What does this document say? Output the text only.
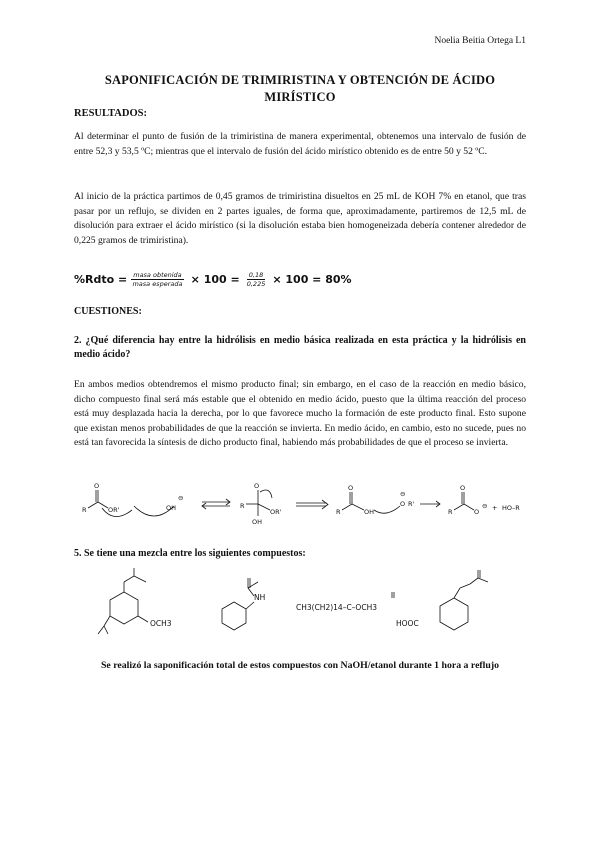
Noelia Beitia Ortega L1
SAPONIFICACIÓN DE TRIMIRISTINA Y OBTENCIÓN DE ÁCIDO MIRÍSTICO
RESULTADOS:
Al determinar el punto de fusión de la trimiristina de manera experimental, obtenemos una intervalo de fusión de entre 52,3 y 53,5 ºC; mientras que el intervalo de fusión del ácido mirístico obtenido es de entre 50 y 52 ºC.
Al inicio de la práctica partimos de 0,45 gramos de trimiristina disueltos en 25 mL de KOH 7% en etanol, que tras pasar por un reflujo, se dividen en 2 partes iguales, de forma que, aproximadamente, partiremos de 12,5 mL de disolución para extraer el ácido mirístico (si la disolución estaba bien homogeneizada debería contener alrededor de 0,225 gramos de trimiristina).
%Rdto = $\frac{\text{masa obtenida}}{\text{masa esperada}} \times 100 = \frac{0,18}{0,225} \times 100 = 80\%$
CUESTIONES:
2. ¿Qué diferencia hay entre la hidrólisis en medio básica realizada en esta práctica y la hidrólisis en medio ácido?
En ambos medios obtendremos el mismo producto final; sin embargo, en el caso de la reacción en medio básico, dicho compuesto final será más estable que el obtenido en medio ácido, puesto que la última reacción del proceso está muy desplazada hacia la derecha, por lo que favorece mucho la formación de este producto final. Esto supone que existan menos probabilidades de que la reacción se invierta. En medio ácido, en cambio, esto no sucede, pues no está tan favorecida la síntesis de dicho producto final, habiendo más probabilidades de que el proceso se invierta.
R
O
OR'	OH
⊖
R
O
OH
OR'	R
O
OH
O
⊖
R'
R
O
O
⊖ + HO–R
5. Se tiene una mezcla entre los siguientes compuestos:
OCH3
NH
CH3(CH2)14–C–OCH3
HOOC
Se realizó la saponificación total de estos compuestos con NaOH/etanol durante 1 hora a reflujo
